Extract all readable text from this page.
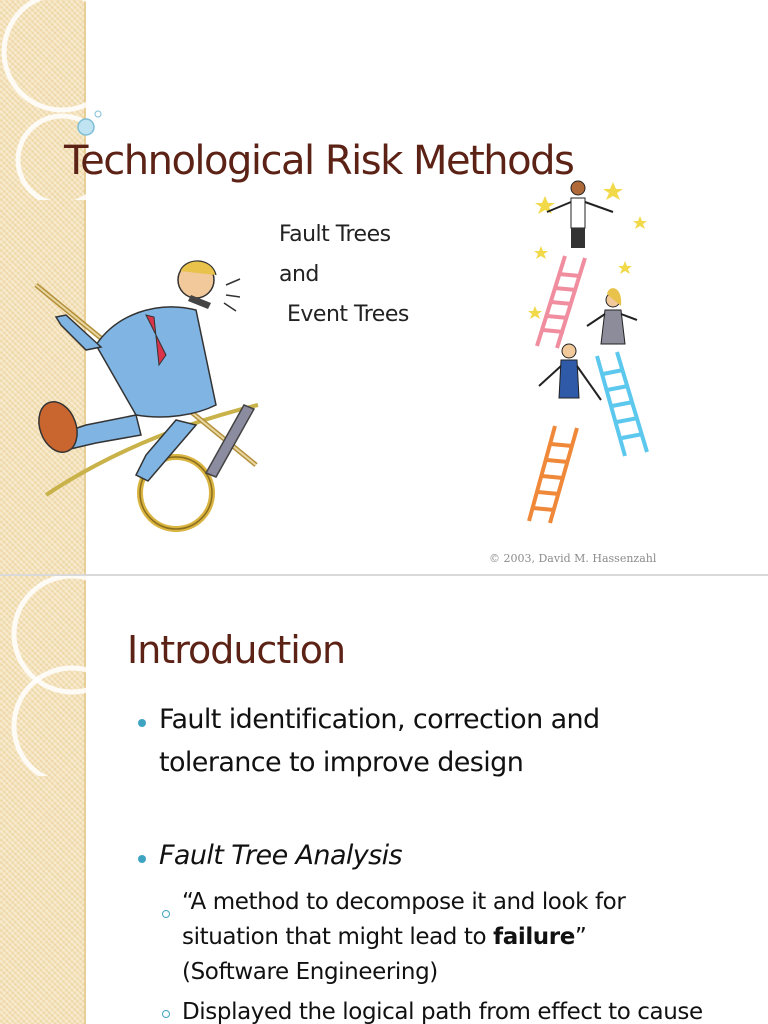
Technological Risk Methods
Fault Trees
and
Event Trees
© 2003, David M. Hassenzahl
Introduction
Fault identification, correction and
tolerance to improve design
Fault Tree Analysis
“A method to decompose it and look for
situation that might lead to failure”
(Software Engineering)
Displayed the logical path from effect to cause
